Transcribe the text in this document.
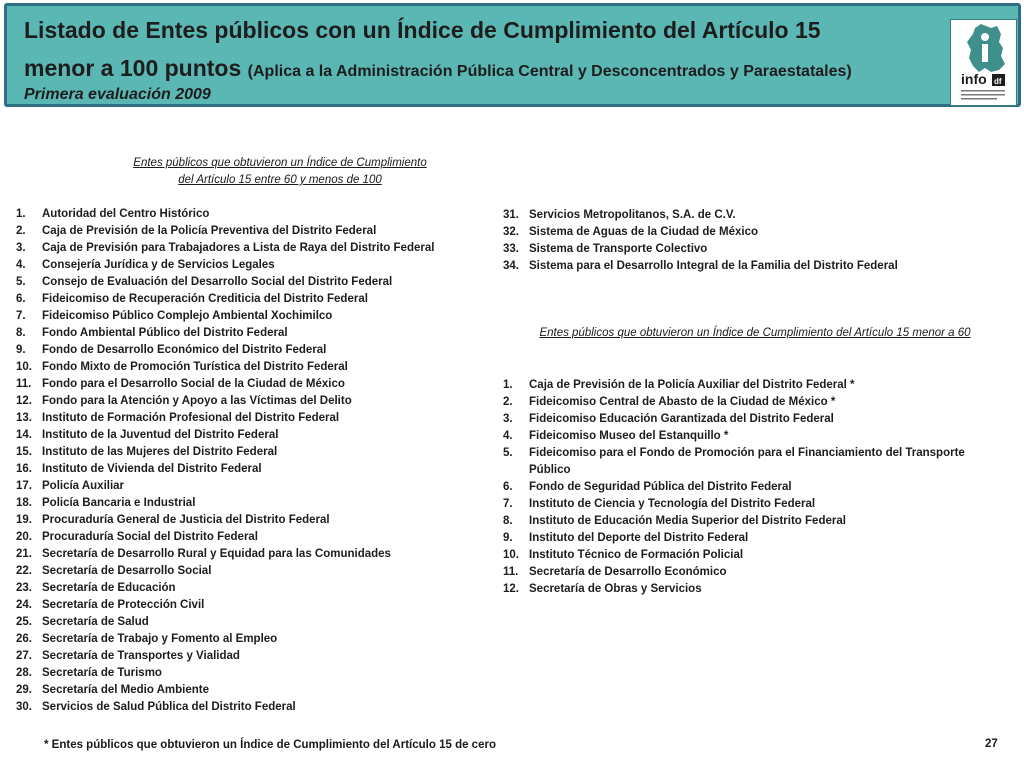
Listado de Entes públicos con un Índice de Cumplimiento del Artículo 15
menor a 100 puntos (Aplica a la Administración Pública Central y Desconcentrados y Paraestatales)
Primera evaluación 2009
info df
Entes públicos que obtuvieron un Índice de Cumplimiento
del Artículo 15 entre 60 y menos de 100
1. Autoridad del Centro Histórico
2. Caja de Previsión de la Policía Preventiva del Distrito Federal
3. Caja de Previsión para Trabajadores a Lista de Raya del Distrito Federal
4. Consejería Jurídica y de Servicios Legales
5. Consejo de Evaluación del Desarrollo Social del Distrito Federal
6. Fideicomiso de Recuperación Crediticia del Distrito Federal
7. Fideicomiso Público Complejo Ambiental Xochimilco
8. Fondo Ambiental Público del Distrito Federal
9. Fondo de Desarrollo Económico del Distrito Federal
10. Fondo Mixto de Promoción Turística del Distrito Federal
11. Fondo para el Desarrollo Social de la Ciudad de México
12. Fondo para la Atención y Apoyo a las Víctimas del Delito
13. Instituto de Formación Profesional del Distrito Federal
14. Instituto de la Juventud del Distrito Federal
15. Instituto de las Mujeres del Distrito Federal
16. Instituto de Vivienda del Distrito Federal
17. Policía Auxiliar
18. Policía Bancaria e Industrial
19. Procuraduría General de Justicia del Distrito Federal
20. Procuraduría Social del Distrito Federal
21. Secretaría de Desarrollo Rural y Equidad para las Comunidades
22. Secretaría de Desarrollo Social
23. Secretaría de Educación
24. Secretaría de Protección Civil
25. Secretaría de Salud
26. Secretaría de Trabajo y Fomento al Empleo
27. Secretaría de Transportes y Vialidad
28. Secretaría de Turismo
29. Secretaría del Medio Ambiente
30. Servicios de Salud Pública del Distrito Federal
31. Servicios Metropolitanos, S.A. de C.V.
32. Sistema de Aguas de la Ciudad de México
33. Sistema de Transporte Colectivo
34. Sistema para el Desarrollo Integral de la Familia del Distrito Federal
Entes públicos que obtuvieron un Índice de Cumplimiento del Artículo 15 menor a 60
1. Caja de Previsión de la Policía Auxiliar del Distrito Federal *
2. Fideicomiso Central de Abasto de la Ciudad de México *
3. Fideicomiso Educación Garantizada del Distrito Federal
4. Fideicomiso Museo del Estanquillo *
5. Fideicomiso para el Fondo de Promoción para el Financiamiento del Transporte Público
6. Fondo de Seguridad Pública del Distrito Federal
7. Instituto de Ciencia y Tecnología del Distrito Federal
8. Instituto de Educación Media Superior del Distrito Federal
9. Instituto del Deporte del Distrito Federal
10. Instituto Técnico de Formación Policial
11. Secretaría de Desarrollo Económico
12. Secretaría de Obras y Servicios
* Entes públicos que obtuvieron un Índice de Cumplimiento del Artículo 15 de cero	27
